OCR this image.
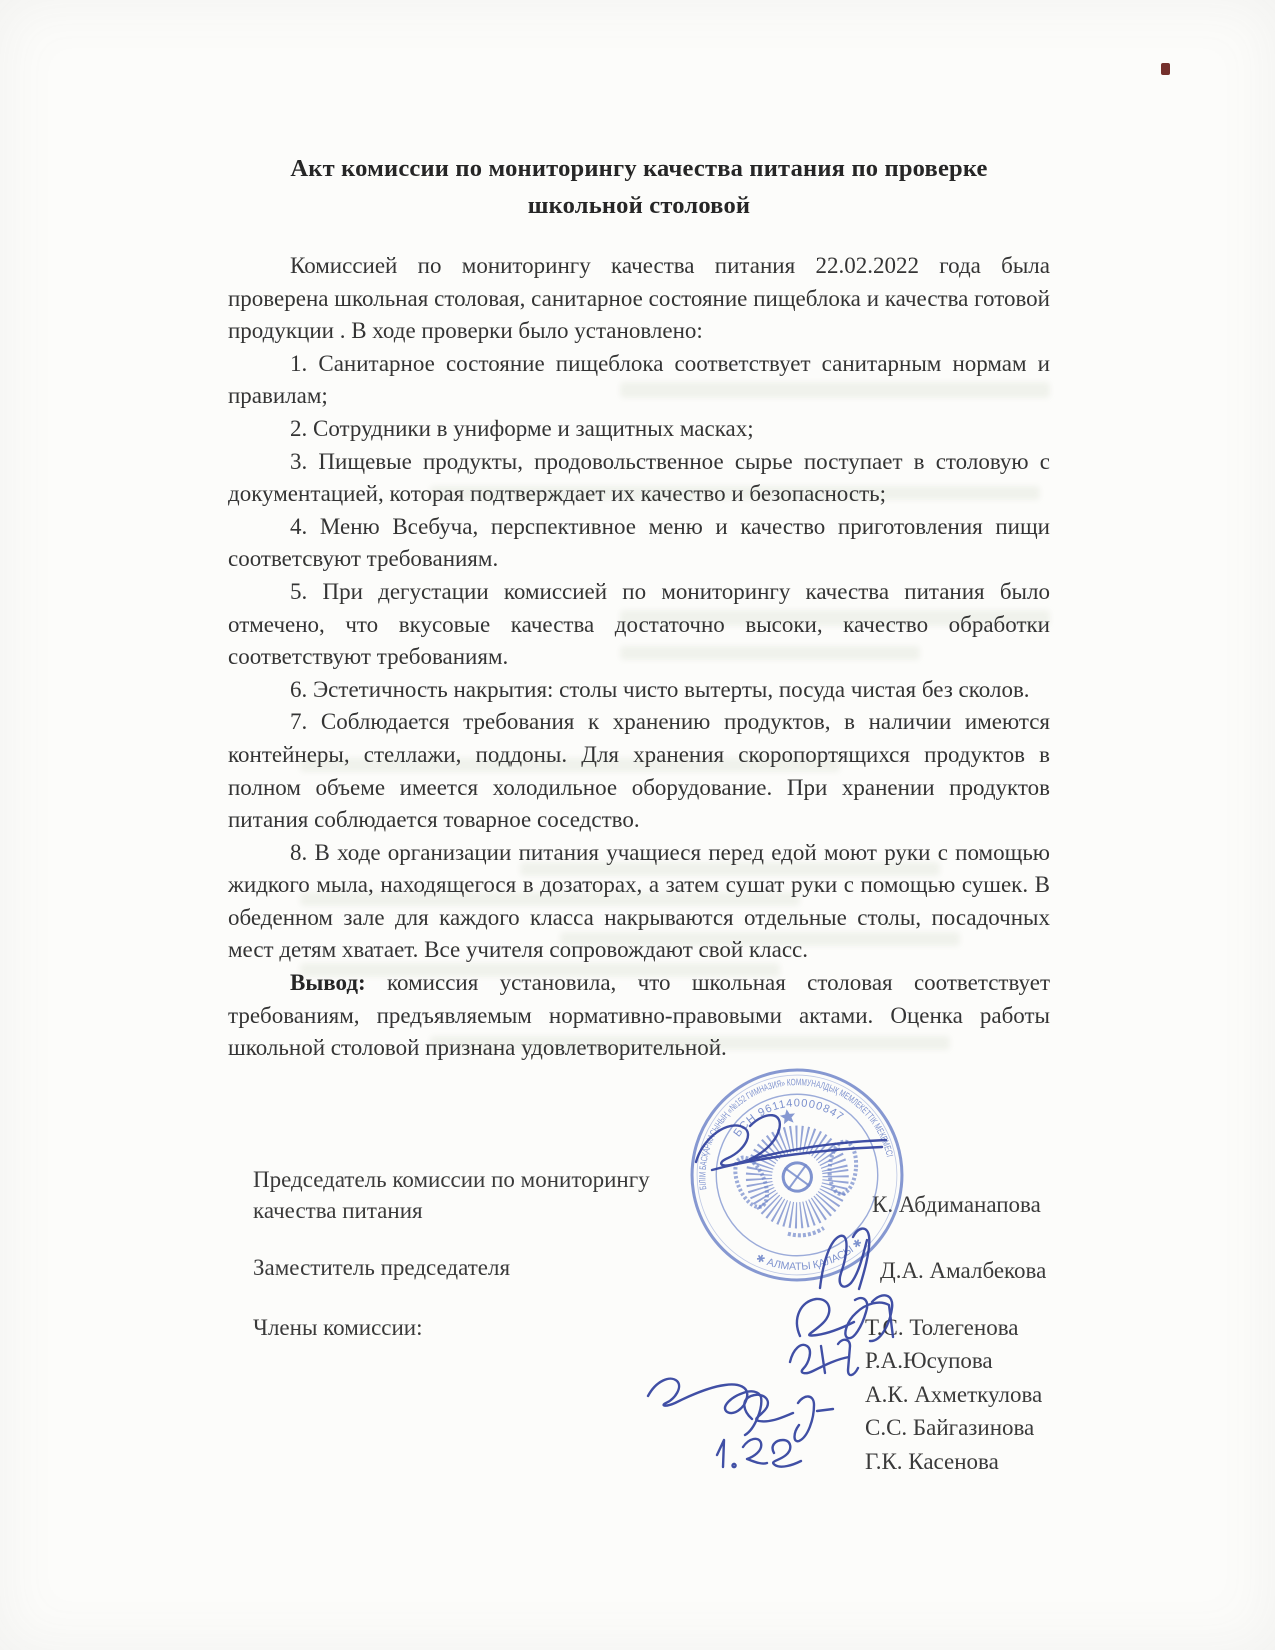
Акт комиссии по мониторингу качества питания по проверке
школьной столовой

Комиссией по мониторингу качества питания 22.02.2022 года была проверена школьная столовая, санитарное состояние пищеблока и качества готовой продукции . В ходе проверки было установлено:

1. Санитарное состояние пищеблока соответствует санитарным нормам и правилам;

2. Сотрудники в униформе и защитных масках;

3. Пищевые продукты, продовольственное сырье поступает в столовую с документацией, которая подтверждает их качество и безопасность;

4. Меню Всебуча, перспективное меню и качество приготовления пищи соответсвуют требованиям.

5. При дегустации комиссией по мониторингу качества питания было отмечено, что вкусовые качества достаточно высоки, качество обработки соответствуют требованиям.

6. Эстетичность накрытия: столы чисто вытерты, посуда чистая без сколов.

7. Соблюдается требования к хранению продуктов, в наличии имеются контейнеры, стеллажи, поддоны. Для хранения скоропортящихся продуктов в полном объеме имеется холодильное оборудование. При хранении продуктов питания соблюдается товарное соседство.

8. В ходе организации питания учащиеся перед едой моют руки с помощью жидкого мыла, находящегося в дозаторах, а затем сушат руки с помощью сушек. В обеденном зале для каждого класса накрываются отдельные столы, посадочных мест детям хватает. Все учителя сопровождают свой класс.

Вывод: комиссия установила, что школьная столовая соответствует требованиям, предъявляемым нормативно-правовыми актами. Оценка работы школьной столовой признана удовлетворительной.

Председатель комиссии по мониторингу качества питания	К. Абдиманапова
Заместитель председателя	Д.А. Амалбекова
Члены комиссии:	Т.С. Толегенова
Р.А.Юсупова
А.К. Ахметкулова
С.С. Байгазинова
Г.К. Касенова
БІЛІМ БАСҚАРМАСЫНЫҢ «№152 ГИМНАЗИЯ» КОММУНАЛДЫҚ МЕМЛЕКЕТТІК МЕКЕМЕСІ
✱ АЛМАТЫ ҚАЛАСЫ ✱
БСН 961140000847
